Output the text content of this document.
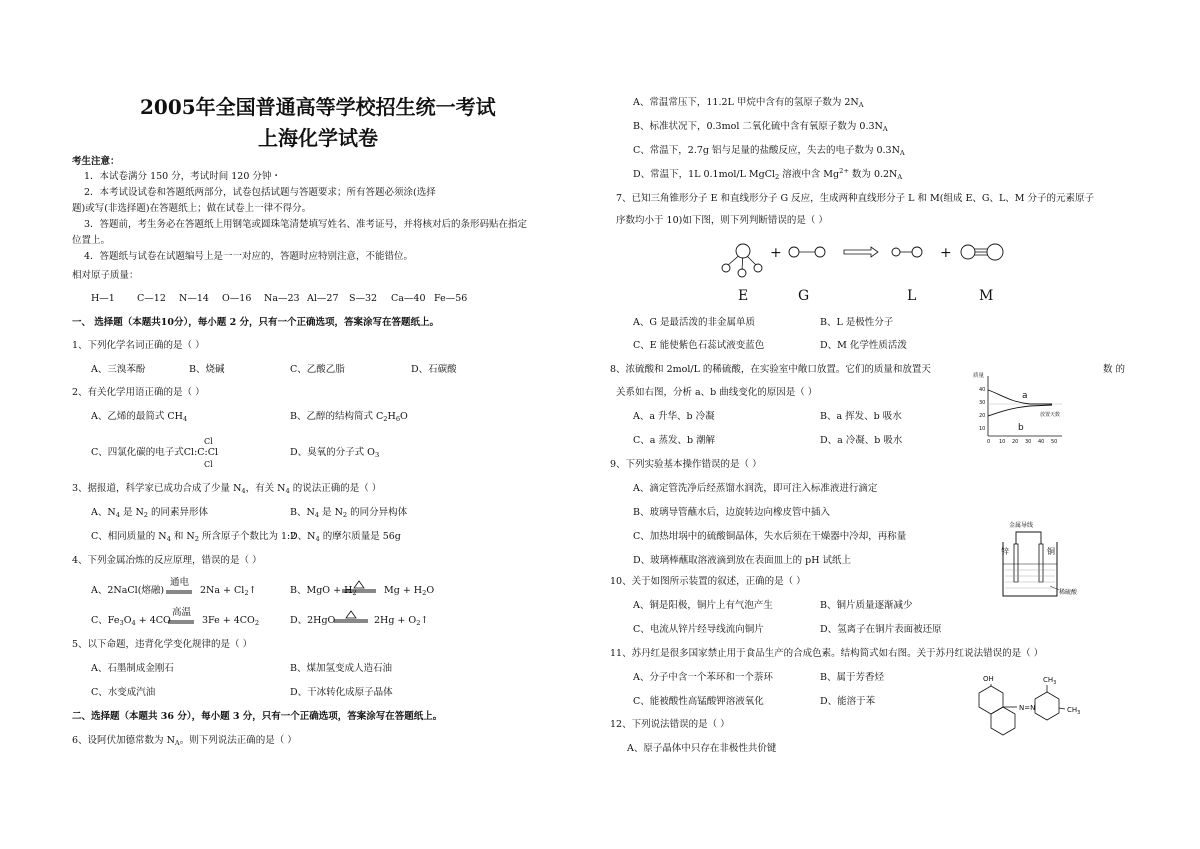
2005年全国普通高等学校招生统一考试
上海化学试卷
考生注意：
1．本试卷满分 150 分，考试时间 120 分钟・
2．本考试设试卷和答题纸两部分，试卷包括试题与答题要求；所有答题必须涂(选择
题)或写(非选择题)在答题纸上；做在试卷上一律不得分。
3．答题前，考生务必在答题纸上用钢笔或圆珠笔清楚填写姓名、准考证号，并将核对后的条形码贴在指定
位置上。
4．答题纸与试卷在试题编号上是一一对应的，答题时应特别注意，不能错位。
相对原子质量：
H—1 C—12 N—14 O—16 Na—23 Al—27 S—32 Ca—40 Fe—56
一、 选择题（本题共10分），每小题 2 分，只有一个正确选项，答案涂写在答题纸上。
1、下列化学名词正确的是（ ）
A、三溴苯酚	B、烧碱	C、乙酸乙脂	D、石碳酸
2、有关化学用语正确的是（ ）
A、乙烯的最简式 $CH_4$	B、乙醇的结构简式 $C_2H_6O$
C、四氯化碳的电子式Cl:C:Cl
Cl
Cl
D、臭氧的分子式 $O_3$
3、据报道，科学家已成功合成了少量 $N_4$，有关 $N_4$ 的说法正确的是（ ）
A、$N_4$ 是 $N_2$ 的同素异形体	B、$N_4$ 是 $N_2$ 的同分异构体
C、相同质量的 $N_4$ 和 $N_2$ 所含原子个数比为 1:2
D、$N_4$ 的摩尔质量是 56g
4、下列金属冶炼的反应原理，错误的是（ ）
A、2NaCl(熔融)
通电
$2Na + Cl_2↑$	B、MgO + $H_2$	$Mg + H_2O$
C、$Fe_3O_4 + 4CO$
高温
$3Fe + 4CO_2$	D、2HgO	$2Hg + O_2↑$
5、以下命题，违背化学变化规律的是（ ）
A、石墨制成金刚石	B、煤加氢变成人造石油
C、水变成汽油	D、干冰转化成原子晶体
二、选择题（本题共 36 分），每小题 3 分，只有一个正确选项，答案涂写在答题纸上。
6、设阿伏加德常数为 $N_A$。则下列说法正确的是（ ）
A、常温常压下，11.2L 甲烷中含有的氢原子数为 $2N_A$
B、标准状况下，0.3mol 二氧化硫中含有氧原子数为 $0.3N_A$
C、常温下，2.7g 铝与足量的盐酸反应，失去的电子数为 $0.3N_A$
D、常温下，1L 0.1mol/L MgCl$_2$ 溶液中含 $Mg^{2+}$ 数为 $0.2N_A$
7、已知三角锥形分子 E 和直线形分子 G 反应，生成两种直线形分子 L 和 M(组成 E、G、L、M 分子的元素原子
序数均小于 10)如下图，则下列判断错误的是（ ）
+	+
E	G	L	M
A、G 是最活泼的非金属单质	B、L 是极性分子
C、E 能使紫色石蕊试液变蓝色	D、M 化学性质活泼
8、浓硫酸和 2mol/L 的稀硫酸，在实验室中敞口放置。它们的质量和放置天	数 的
关系如右图，分析 a、b 曲线变化的原因是（ ）
A、a 升华、b 冷凝	B、a 挥发、b 吸水
C、a 蒸发、b 潮解	D、a 冷凝、b 吸水
质量
放置天数
a
b
40
30
20
10
0 10 20 30 40 50
9、下列实验基本操作错误的是（ ）
A、滴定管洗净后经蒸馏水润洗，即可注入标准液进行滴定
B、玻璃导管蘸水后，边旋转边向橡皮管中插入
C、加热坩埚中的硫酸铜晶体，失水后须在干燥器中冷却，再称量
D、玻璃棒蘸取溶液滴到放在表面皿上的 pH 试纸上
金属导线
锌	铜
稀硫酸
10、关于如图所示装置的叙述，正确的是（ ）
A、铜是阳极，铜片上有气泡产生	B、铜片质量逐渐减少
C、电流从锌片经导线流向铜片	D、氢离子在铜片表面被还原
11、苏丹红是很多国家禁止用于食品生产的合成色素。结构简式如右图。关于苏丹红说法错误的是（ ）
A、分子中含一个苯环和一个萘环	B、属于芳香烃
C、能被酸性高锰酸钾溶液氧化	D、能溶于苯
OH
N=N
$CH_3$
$CH_3$
12、下列说法错误的是（ ）
A、原子晶体中只存在非极性共价键
